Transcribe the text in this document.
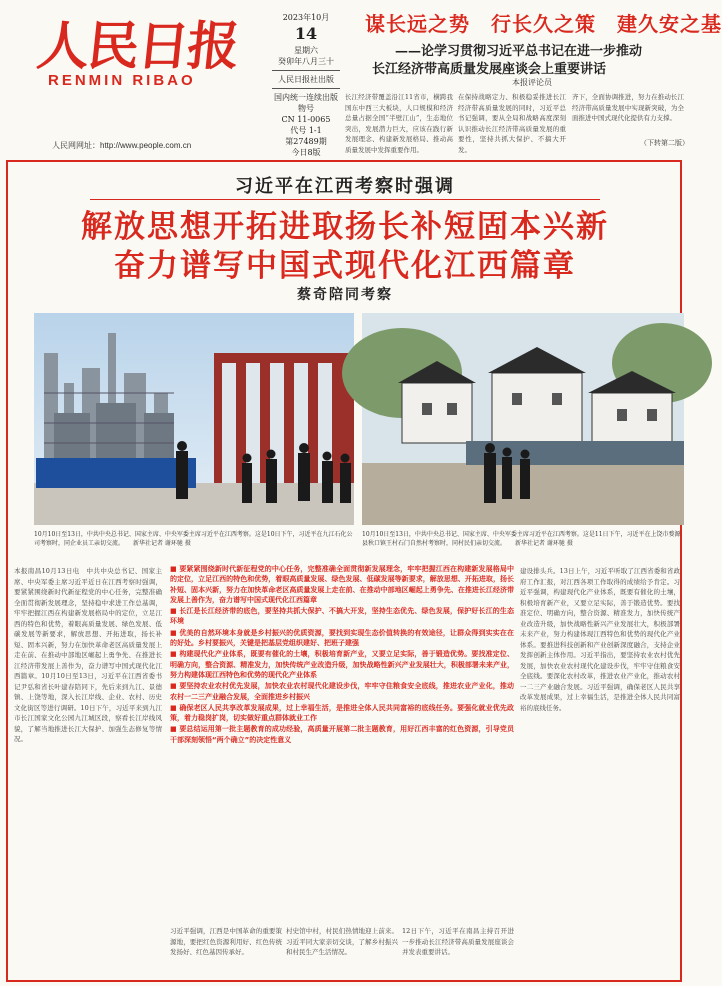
人民日报
RENMIN RIBAO
人民网网址：http://www.people.com.cn
2023年10月
14
星期六
癸卯年八月三十
人民日报社出版
国内统一连续出版物号
CN 11-0065
代号 1-1
第27489期
今日8版
谋长远之势　行长久之策　建久安之基
——论学习贯彻习近平总书记在进一步推动
长江经济带高质量发展座谈会上重要讲话
本报评论员
长江经济带覆盖沿江11省市，横跨我国东中西三大板块，人口规模和经济总量占据全国“半壁江山”，生态地位突出，发展潜力巨大，应该在践行新发展理念、构建新发展格局、推动高质量发展中发挥重要作用。
在保持战略定力、积极稳妥推进长江经济带高质量发展的同时，习近平总书记强调，要从全局和战略高度深刻认识推动长江经济带高质量发展的重要性，坚持共抓大保护、不搞大开发。
齐下，全面协调推进，努力在推动长江经济带高质量发展中实现新突破，为全面推进中国式现代化提供有力支撑。
（下转第二版）
习近平在江西考察时强调
解放思想开拓进取扬长补短固本兴新
奋力谱写中国式现代化江西篇章
蔡奇陪同考察
10月10日至13日，中共中央总书记、国家主席、中央军委主席习近平在江西考察。这是10日下午，习近平在九江石化公司考察时，同企业员工亲切交流。　　新华社记者 谢环驰 摄
10月10日至13日，中共中央总书记、国家主席、中央军委主席习近平在江西考察。这是11日下午，习近平在上饶市婺源县秋口镇王村石门自然村考察时，同村民们亲切交流。　　新华社记者 谢环驰 摄
本报南昌10月13日电　中共中央总书记、国家主席、中央军委主席习近平近日在江西考察时强调，要紧紧围绕新时代新征程党的中心任务，完整准确全面贯彻新发展理念，坚持稳中求进工作总基调，牢牢把握江西在构建新发展格局中的定位，立足江西的特色和优势，着眼高质量发展、绿色发展、低碳发展等新要求，解放思想、开拓进取，扬长补短、固本兴新，努力在加快革命老区高质量发展上走在前、在推动中部地区崛起上勇争先、在推进长江经济带发展上善作为，奋力谱写中国式现代化江西篇章。10月10日至13日，习近平在江西省委书记尹弘和省长叶建春陪同下，先后来到九江、景德镇、上饶等地，深入长江岸线、企业、农村、历史文化街区等进行调研。10日下午，习近平来到九江市长江国家文化公园九江城区段，察看长江岸线风貌，了解当地推进长江大保护、加强生态修复等情况。
■ 要紧紧围绕新时代新征程党的中心任务，完整准确全面贯彻新发展理念，牢牢把握江西在构建新发展格局中的定位，立足江西的特色和优势，着眼高质量发展、绿色发展、低碳发展等新要求，解放思想、开拓进取，扬长补短、固本兴新，努力在加快革命老区高质量发展上走在前、在推动中部地区崛起上勇争先、在推进长江经济带发展上善作为，奋力谱写中国式现代化江西篇章
■ 长江是长江经济带的底色，要坚持共抓大保护、不搞大开发，坚持生态优先、绿色发展，保护好长江的生态环境
■ 优美的自然环境本身就是乡村振兴的优质资源，要找到实现生态价值转换的有效途径，让群众得到实实在在的好处。乡村要振兴，关键是把基层党组织建好、把班子建强
■ 构建现代化产业体系，既要有催化的土壤，积极培育新产业，又要立足实际，善于锻造优势。要找准定位、明确方向，整合资源、精准发力，加快传统产业改造升级，加快战略性新兴产业发展壮大，积极部署未来产业，努力构建体现江西特色和优势的现代化产业体系
■ 要坚持农业农村优先发展，加快农业农村现代化建设步伐，牢牢守住粮食安全底线，推进农业产业化，推动农村一二三产业融合发展，全面推进乡村振兴
■ 确保老区人民共享改革发展成果，过上幸福生活，是推进全体人民共同富裕的底线任务。要强化就业优先政策，着力稳岗扩岗，切实做好重点群体就业工作
■ 要总结运用第一批主题教育的成功经验，高质量开展第二批主题教育，用好江西丰富的红色资源，引导党员干部深刻领悟“两个确立”的决定性意义
习近平强调，江西是中国革命的重要策源地，要把红色资源利用好、红色传统发扬好、红色基因传承好。
村史馆中村，村民们热情地迎上前来。习近平同大家亲切交谈，了解乡村振兴和村民生产生活情况。
12日下午，习近平在南昌主持召开进一步推动长江经济带高质量发展座谈会并发表重要讲话。
建设排头兵。13日上午，习近平听取了江西省委和省政府工作汇报，对江西各项工作取得的成绩给予肯定。习近平强调，构建现代化产业体系，既要有催化的土壤，积极培育新产业，又要立足实际，善于锻造优势。要找准定位、明确方向，整合资源、精准发力，加快传统产业改造升级，加快战略性新兴产业发展壮大，积极部署未来产业，努力构建体现江西特色和优势的现代化产业体系。要推进科技创新和产业创新深度融合，支持企业发挥创新主体作用。习近平指出，要坚持农业农村优先发展，加快农业农村现代化建设步伐，牢牢守住粮食安全底线。要深化农村改革，推进农业产业化，推动农村一二三产业融合发展。习近平强调，确保老区人民共享改革发展成果，过上幸福生活，是推进全体人民共同富裕的底线任务。
